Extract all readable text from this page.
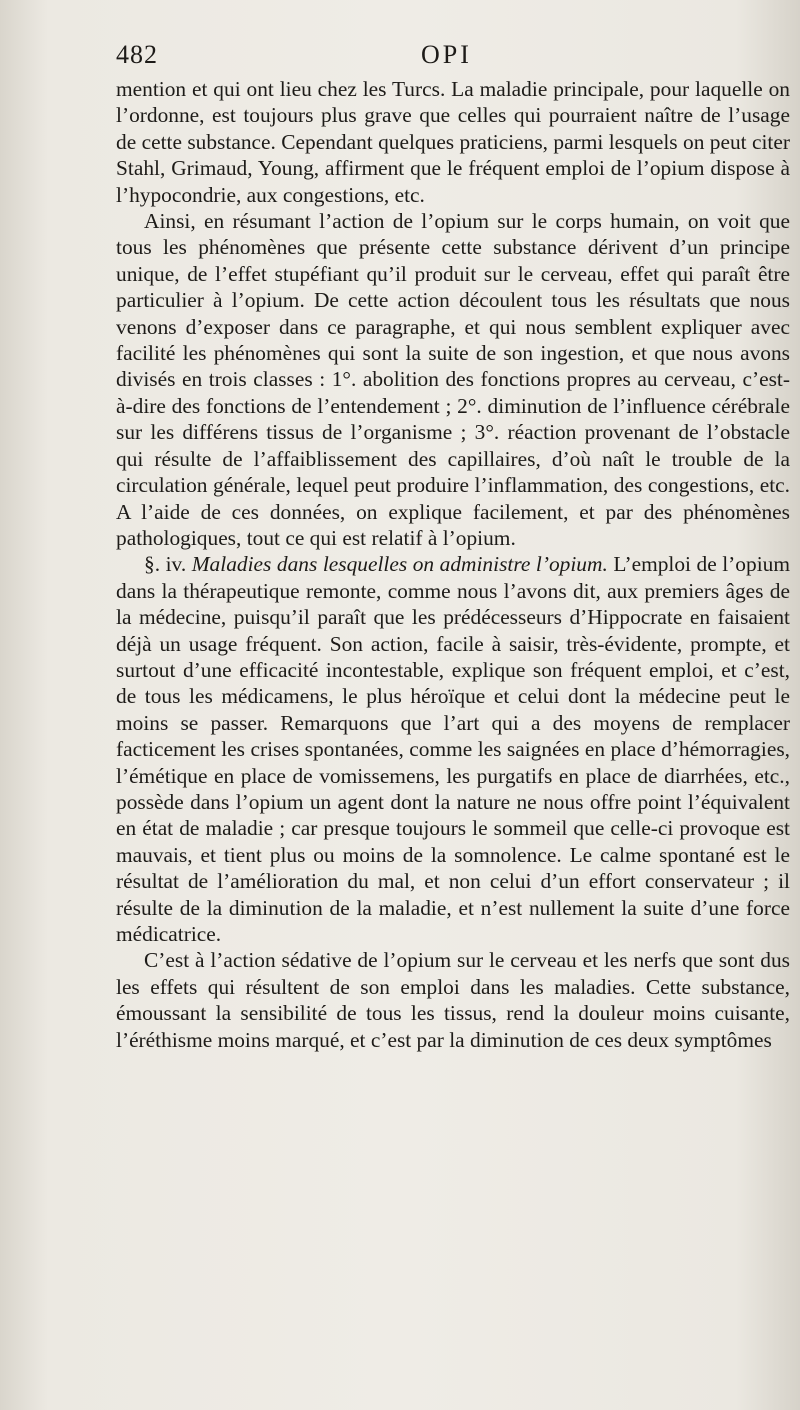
482	OPI

mention et qui ont lieu chez les Turcs. La maladie principale, pour laquelle on l’ordonne, est toujours plus grave que celles qui pourraient naître de l’usage de cette substance. Cependant quelques praticiens, parmi lesquels on peut citer Stahl, Grimaud, Young, affirment que le fréquent emploi de l’opium dispose à l’hypocondrie, aux congestions, etc.

Ainsi, en résumant l’action de l’opium sur le corps humain, on voit que tous les phénomènes que présente cette substance dérivent d’un principe unique, de l’effet stupéfiant qu’il produit sur le cerveau, effet qui paraît être particulier à l’opium. De cette action découlent tous les résultats que nous venons d’exposer dans ce paragraphe, et qui nous semblent expliquer avec facilité les phénomènes qui sont la suite de son ingestion, et que nous avons divisés en trois classes : 1°. abolition des fonctions propres au cerveau, c’est-à-dire des fonctions de l’entendement ; 2°. diminution de l’influence cérébrale sur les différens tissus de l’organisme ; 3°. réaction provenant de l’obstacle qui résulte de l’affaiblissement des capillaires, d’où naît le trouble de la circulation générale, lequel peut produire l’inflammation, des congestions, etc. A l’aide de ces données, on explique facilement, et par des phénomènes pathologiques, tout ce qui est relatif à l’opium.

§. iv. Maladies dans lesquelles on administre l’opium. L’emploi de l’opium dans la thérapeutique remonte, comme nous l’avons dit, aux premiers âges de la médecine, puisqu’il paraît que les prédécesseurs d’Hippocrate en faisaient déjà un usage fréquent. Son action, facile à saisir, très-évidente, prompte, et surtout d’une efficacité incontestable, explique son fréquent emploi, et c’est, de tous les médicamens, le plus héroïque et celui dont la médecine peut le moins se passer. Remarquons que l’art qui a des moyens de remplacer facticement les crises spontanées, comme les saignées en place d’hémorragies, l’émétique en place de vomissemens, les purgatifs en place de diarrhées, etc., possède dans l’opium un agent dont la nature ne nous offre point l’équivalent en état de maladie ; car presque toujours le sommeil que celle-ci provoque est mauvais, et tient plus ou moins de la somnolence. Le calme spontané est le résultat de l’amélioration du mal, et non celui d’un effort conservateur ; il résulte de la diminution de la maladie, et n’est nullement la suite d’une force médicatrice.

C’est à l’action sédative de l’opium sur le cerveau et les nerfs que sont dus les effets qui résultent de son emploi dans les maladies. Cette substance, émoussant la sensibilité de tous les tissus, rend la douleur moins cuisante, l’éréthisme moins marqué, et c’est par la diminution de ces deux symptômes
